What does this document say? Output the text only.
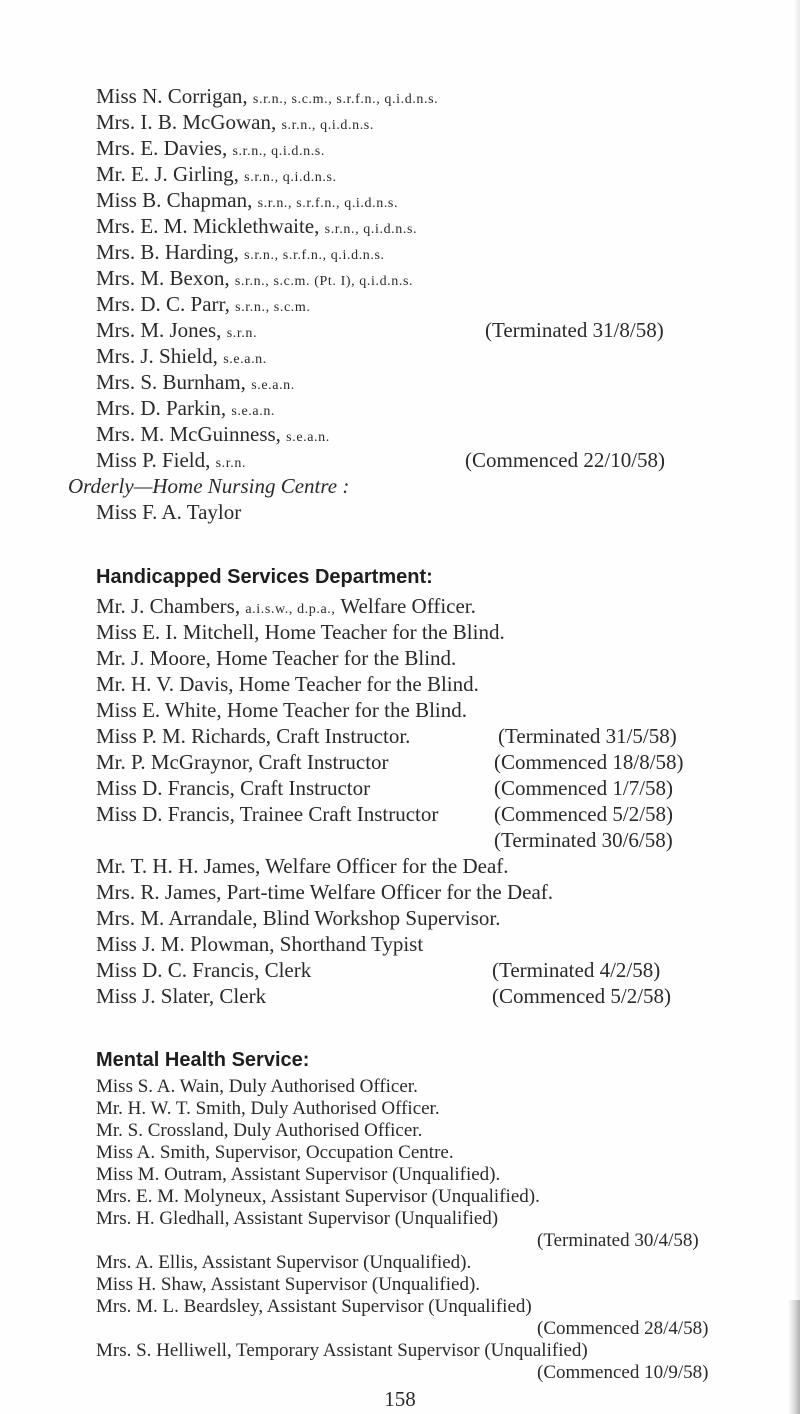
Miss N. Corrigan, s.r.n., s.c.m., s.r.f.n., q.i.d.n.s.
Mrs. I. B. McGowan, s.r.n., q.i.d.n.s.
Mrs. E. Davies, s.r.n., q.i.d.n.s.
Mr. E. J. Girling, s.r.n., q.i.d.n.s.
Miss B. Chapman, s.r.n., s.r.f.n., q.i.d.n.s.
Mrs. E. M. Micklethwaite, s.r.n., q.i.d.n.s.
Mrs. B. Harding, s.r.n., s.r.f.n., q.i.d.n.s.
Mrs. M. Bexon, s.r.n., s.c.m. (Pt. I), q.i.d.n.s.
Mrs. D. C. Parr, s.r.n., s.c.m.
Mrs. M. Jones, s.r.n.	(Terminated 31/8/58)
Mrs. J. Shield, s.e.a.n.
Mrs. S. Burnham, s.e.a.n.
Mrs. D. Parkin, s.e.a.n.
Mrs. M. McGuinness, s.e.a.n.
Miss P. Field, s.r.n.	(Commenced 22/10/58)
Orderly—Home Nursing Centre :
Miss F. A. Taylor
Handicapped Services Department:
Mr. J. Chambers, a.i.s.w., d.p.a., Welfare Officer.
Miss E. I. Mitchell, Home Teacher for the Blind.
Mr. J. Moore, Home Teacher for the Blind.
Mr. H. V. Davis, Home Teacher for the Blind.
Miss E. White, Home Teacher for the Blind.
Miss P. M. Richards, Craft Instructor.	(Terminated 31/5/58)
Mr. P. McGraynor, Craft Instructor	(Commenced 18/8/58)
Miss D. Francis, Craft Instructor	(Commenced 1/7/58)
Miss D. Francis, Trainee Craft Instructor	(Commenced 5/2/58)
(Terminated 30/6/58)
Mr. T. H. H. James, Welfare Officer for the Deaf.
Mrs. R. James, Part-time Welfare Officer for the Deaf.
Mrs. M. Arrandale, Blind Workshop Supervisor.
Miss J. M. Plowman, Shorthand Typist
Miss D. C. Francis, Clerk	(Terminated 4/2/58)
Miss J. Slater, Clerk	(Commenced 5/2/58)
Mental Health Service:
Miss S. A. Wain, Duly Authorised Officer.
Mr. H. W. T. Smith, Duly Authorised Officer.
Mr. S. Crossland, Duly Authorised Officer.
Miss A. Smith, Supervisor, Occupation Centre.
Miss M. Outram, Assistant Supervisor (Unqualified).
Mrs. E. M. Molyneux, Assistant Supervisor (Unqualified).
Mrs. H. Gledhall, Assistant Supervisor (Unqualified)
(Terminated 30/4/58)
Mrs. A. Ellis, Assistant Supervisor (Unqualified).
Miss H. Shaw, Assistant Supervisor (Unqualified).
Mrs. M. L. Beardsley, Assistant Supervisor (Unqualified)
(Commenced 28/4/58)
Mrs. S. Helliwell, Temporary Assistant Supervisor (Unqualified)
(Commenced 10/9/58)
158
